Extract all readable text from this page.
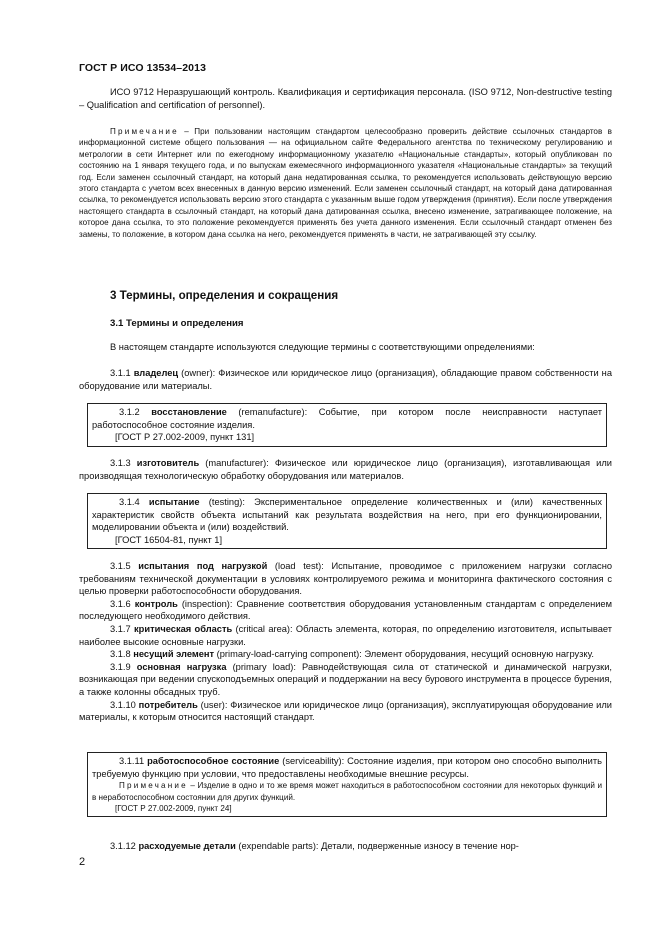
ГОСТ Р ИСО 13534–2013

ИСО 9712 Неразрушающий контроль. Квалификация и сертификация персонала. (ISO 9712, Non-destructive testing – Qualification and certification of personnel).

Примечание – При пользовании настоящим стандартом целесообразно проверить действие ссылочных стандартов в информационной системе общего пользования — на официальном сайте Федерального агентства по техническому регулированию и метрологии в сети Интернет или по ежегодному информационному указателю «Национальные стандарты», который опубликован по состоянию на 1 января текущего года, и по выпускам ежемесячного информационного указателя «Национальные стандарты» за текущий год. Если заменен ссылочный стандарт, на который дана недатированная ссылка, то рекомендуется использовать действующую версию этого стандарта с учетом всех внесенных в данную версию изменений. Если заменен ссылочный стандарт, на который дана датированная ссылка, то рекомендуется использовать версию этого стандарта с указанным выше годом утверждения (принятия). Если после утверждения настоящего стандарта в ссылочный стандарт, на который дана датированная ссылка, внесено изменение, затрагивающее положение, на которое дана ссылка, то это положение рекомендуется применять без учета данного изменения. Если ссылочный стандарт отменен без замены, то положение, в котором дана ссылка на него, рекомендуется применять в части, не затрагивающей эту ссылку.

3 Термины, определения и сокращения

3.1 Термины и определения

В настоящем стандарте используются следующие термины с соответствующими определениями:

3.1.1 владелец (owner): Физическое или юридическое лицо (организация), обладающие правом собственности на оборудование или материалы.

3.1.2 восстановление (remanufacture): Событие, при котором после неисправности наступает работоспособное состояние изделия.

[ГОСТ Р 27.002-2009, пункт 131]

3.1.3 изготовитель (manufacturer): Физическое или юридическое лицо (организация), изготавливающая или производящая технологическую обработку оборудования или материалов.

3.1.4 испытание (testing): Экспериментальное определение количественных и (или) качественных характеристик свойств объекта испытаний как результата воздействия на него, при его функционировании, моделировании объекта и (или) воздействий.

[ГОСТ 16504-81, пункт 1]

3.1.5 испытания под нагрузкой (load test): Испытание, проводимое с приложением нагрузки согласно требованиям технической документации в условиях контролируемого режима и мониторинга фактического состояния с целью проверки работоспособности оборудования.

3.1.6 контроль (inspection): Сравнение соответствия оборудования установленным стандартам с определением последующего необходимого действия.

3.1.7 критическая область (critical area): Область элемента, которая, по определению изготовителя, испытывает наиболее высокие основные нагрузки.

3.1.8 несущий элемент (primary-load-carrying component): Элемент оборудования, несущий основную нагрузку.

3.1.9 основная нагрузка (primary load): Равнодействующая сила от статической и динамической нагрузки, возникающая при ведении спускоподъемных операций и поддержании на весу бурового инструмента в процессе бурения, а также колонны обсадных труб.

3.1.10 потребитель (user): Физическое или юридическое лицо (организация), эксплуатирующая оборудование или материалы, к которым относится настоящий стандарт.

3.1.11 работоспособное состояние (serviceability): Состояние изделия, при котором оно способно выполнить требуемую функцию при условии, что предоставлены необходимые внешние ресурсы.

Примечание – Изделие в одно и то же время может находиться в работоспособном состоянии для некоторых функций и в неработоспособном состоянии для других функций.

[ГОСТ Р 27.002-2009, пункт 24]

3.1.12 расходуемые детали (expendable parts): Детали, подверженные износу в течение нор-

2
